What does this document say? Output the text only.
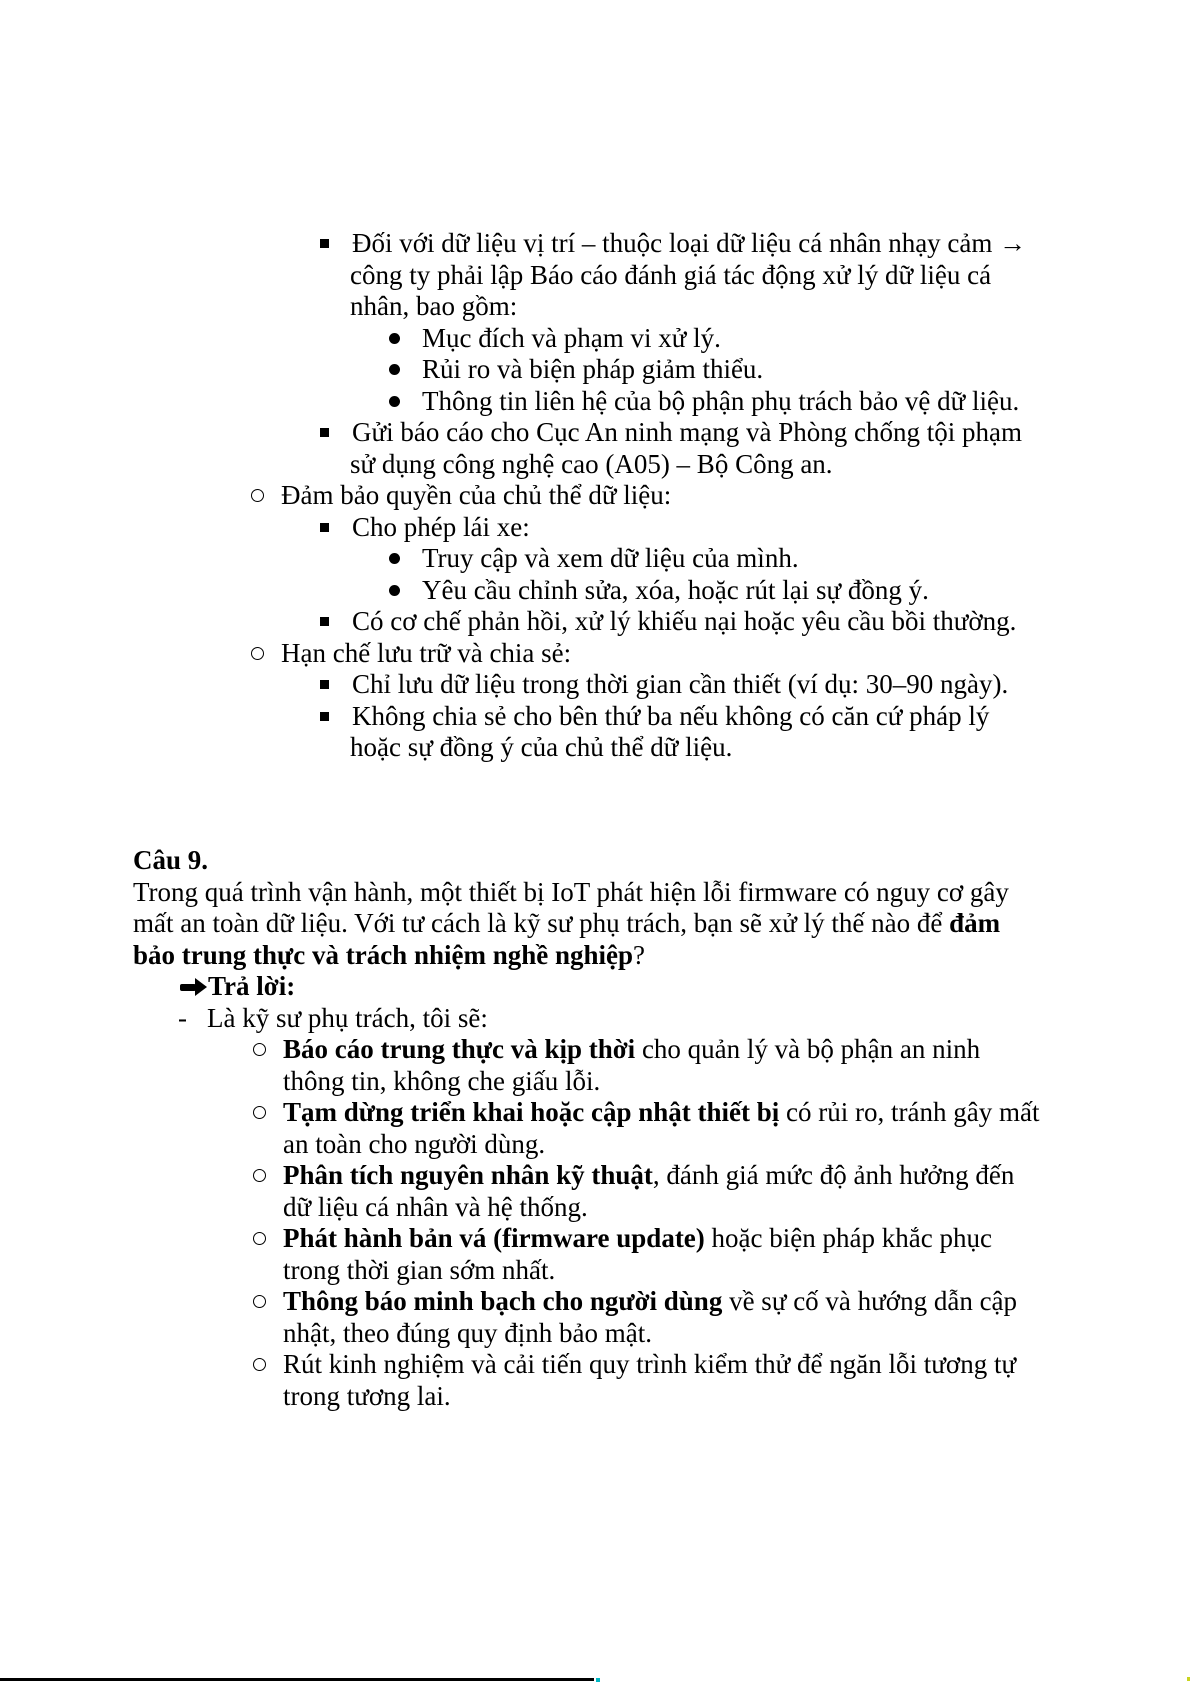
Đối với dữ liệu vị trí – thuộc loại dữ liệu cá nhân nhạy cảm →
công ty phải lập Báo cáo đánh giá tác động xử lý dữ liệu cá
nhân, bao gồm:
Mục đích và phạm vi xử lý.
Rủi ro và biện pháp giảm thiểu.
Thông tin liên hệ của bộ phận phụ trách bảo vệ dữ liệu.
Gửi báo cáo cho Cục An ninh mạng và Phòng chống tội phạm
sử dụng công nghệ cao (A05) – Bộ Công an.
Đảm bảo quyền của chủ thể dữ liệu:
Cho phép lái xe:
Truy cập và xem dữ liệu của mình.
Yêu cầu chỉnh sửa, xóa, hoặc rút lại sự đồng ý.
Có cơ chế phản hồi, xử lý khiếu nại hoặc yêu cầu bồi thường.
Hạn chế lưu trữ và chia sẻ:
Chỉ lưu dữ liệu trong thời gian cần thiết (ví dụ: 30–90 ngày).
Không chia sẻ cho bên thứ ba nếu không có căn cứ pháp lý
hoặc sự đồng ý của chủ thể dữ liệu.
Câu 9.
Trong quá trình vận hành, một thiết bị IoT phát hiện lỗi firmware có nguy cơ gây
mất an toàn dữ liệu. Với tư cách là kỹ sư phụ trách, bạn sẽ xử lý thế nào để đảm
bảo trung thực và trách nhiệm nghề nghiệp?
Trả lời:
- Là kỹ sư phụ trách, tôi sẽ:
Báo cáo trung thực và kịp thời cho quản lý và bộ phận an ninh
thông tin, không che giấu lỗi.
Tạm dừng triển khai hoặc cập nhật thiết bị có rủi ro, tránh gây mất
an toàn cho người dùng.
Phân tích nguyên nhân kỹ thuật, đánh giá mức độ ảnh hưởng đến
dữ liệu cá nhân và hệ thống.
Phát hành bản vá (firmware update) hoặc biện pháp khắc phục
trong thời gian sớm nhất.
Thông báo minh bạch cho người dùng về sự cố và hướng dẫn cập
nhật, theo đúng quy định bảo mật.
Rút kinh nghiệm và cải tiến quy trình kiểm thử để ngăn lỗi tương tự
trong tương lai.
